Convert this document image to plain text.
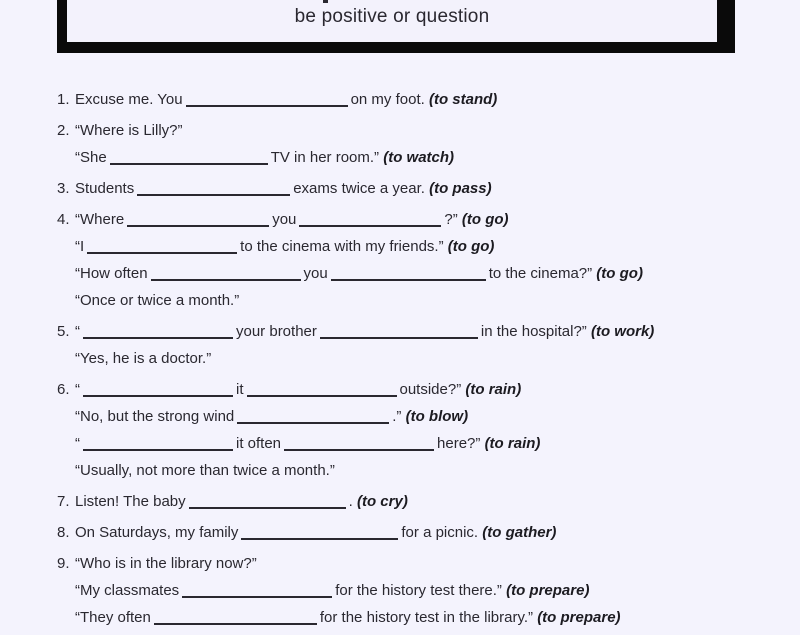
be positive or question
1. Excuse me. You	on my foot. (to stand)
2. “Where is Lilly?”
“She	TV in her room.” (to watch)
3. Students	exams twice a year. (to pass)
4. “Where	you	?” (to go)
“I	to the cinema with my friends.” (to go)
“How often	you	to the cinema?” (to go)
“Once or twice a month.”
5. “	your brother	in the hospital?” (to work)
“Yes, he is a doctor.”
6. “	it	outside?” (to rain)
“No, but the strong wind	.” (to blow)
“	it often	here?” (to rain)
“Usually, not more than twice a month.”
7. Listen! The baby	. (to cry)
8. On Saturdays, my family	for a picnic. (to gather)
9. “Who is in the library now?”
“My classmates	for the history test there.” (to prepare)
“They often	for the history test in the library.” (to prepare)
